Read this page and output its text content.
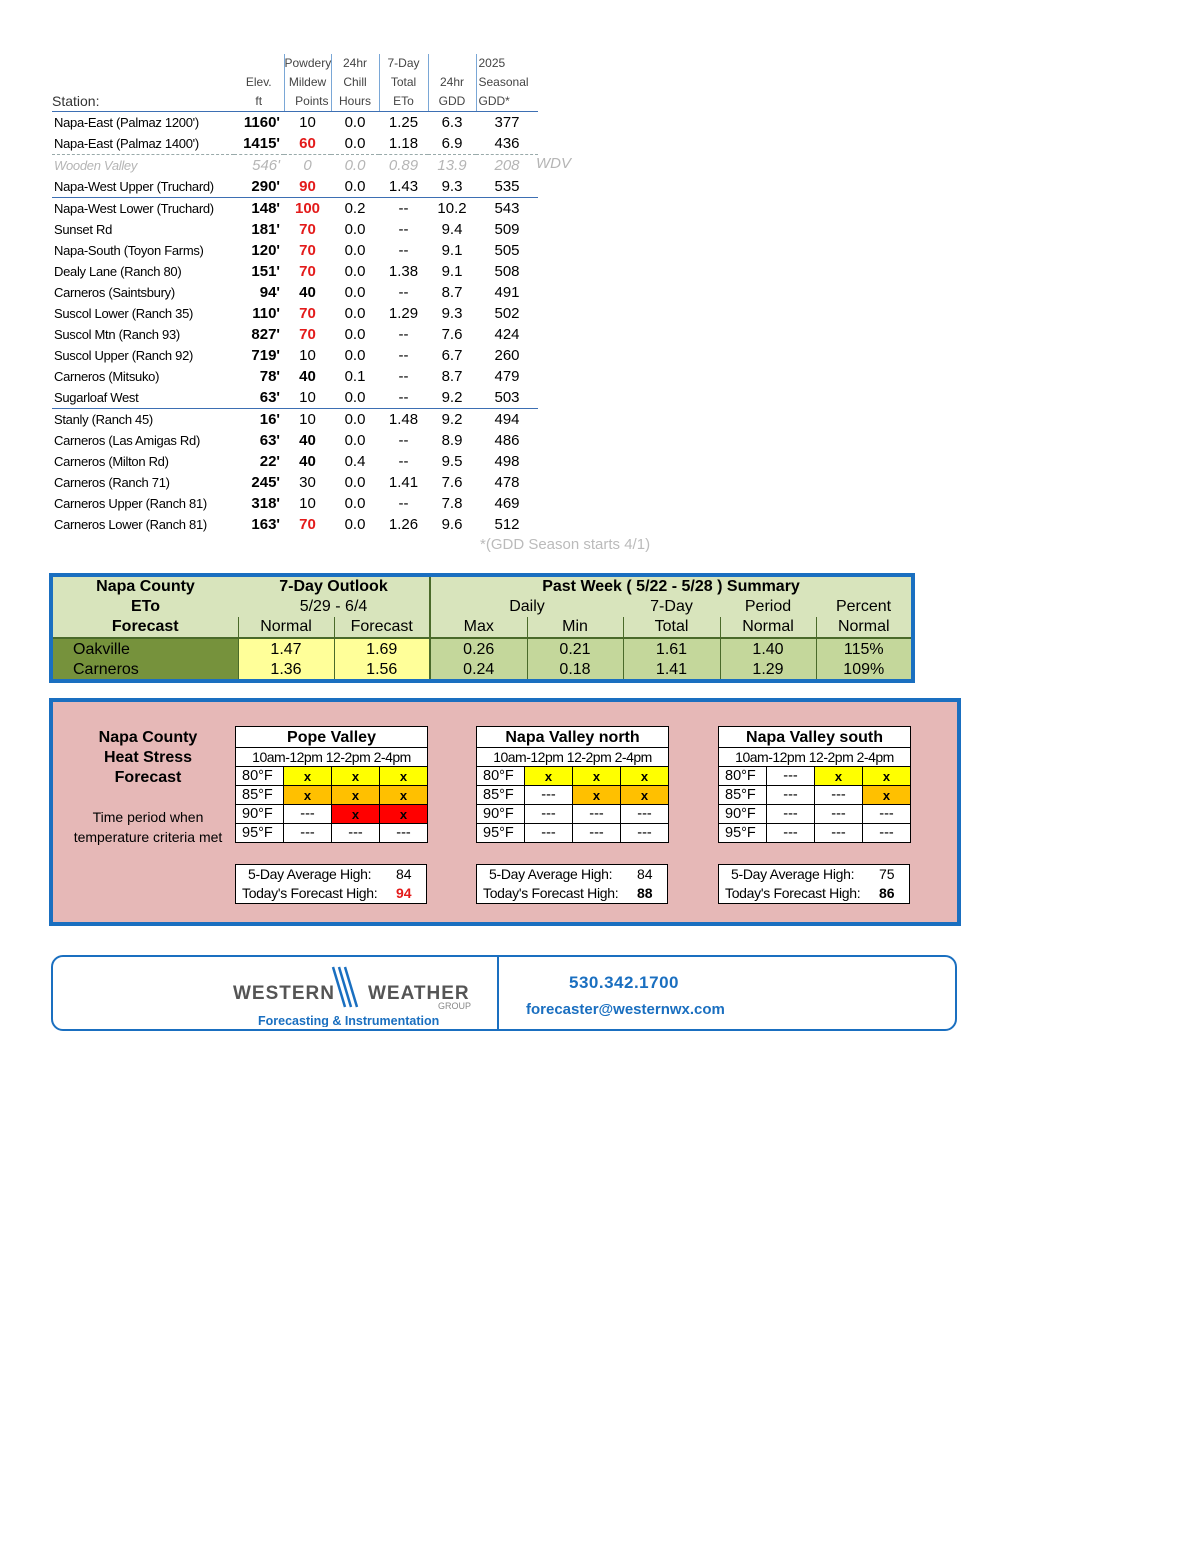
		Powdery	24hr	7-Day		2025
	Elev.	Mildew	Chill	Total	24hr	Seasonal
Station:	ft	Points	Hours	ETo	GDD	GDD*
Napa-East (Palmaz 1200')	1160'	10	0.0	1.25	6.3	377
Napa-East (Palmaz 1400')	1415'	60	0.0	1.18	6.9	436
Wooden Valley	546'	0	0.0	0.89	13.9	208		WDV

Napa-West Upper (Truchard)	290'	90	0.0	1.43	9.3	535
Napa-West Lower (Truchard)	148'	100	0.2	--	10.2	543
Sunset Rd	181'	70	0.0	--	9.4	509
Napa-South (Toyon Farms)	120'	70	0.0	--	9.1	505
Dealy Lane (Ranch 80)	151'	70	0.0	1.38	9.1	508
Carneros (Saintsbury)	94'	40	0.0	--	8.7	491
Suscol Lower (Ranch 35)	110'	70	0.0	1.29	9.3	502
Suscol Mtn (Ranch 93)	827'	70	0.0	--	7.6	424
Suscol Upper (Ranch 92)	719'	10	0.0	--	6.7	260
Carneros (Mitsuko)	78'	40	0.1	--	8.7	479
Sugarloaf West	63'	10	0.0	--	9.2	503
Stanly (Ranch 45)	16'	10	0.0	1.48	9.2	494
Carneros (Las Amigas Rd)	63'	40	0.0	--	8.9	486
Carneros (Milton Rd)	22'	40	0.4	--	9.5	498
Carneros (Ranch 71)	245'	30	0.0	1.41	7.6	478
Carneros Upper (Ranch 81)	318'	10	0.0	--	7.8	469
Carneros Lower (Ranch 81)	163'	70	0.0	1.26	9.6	512
*(GDD Season starts 4/1)
Napa County	7-Day Outlook		Past Week ( 5/22 - 5/28 ) Summary				
ETo	5/29 - 6/4		Daily		7-Day	Period	Percent
Forecast	Normal	Forecast	Max	Min	Total	Normal	Normal
Oakville	1.47	1.69	0.26	0.21	1.61	1.40	115%
Carneros	1.36	1.56	0.24	0.18	1.41	1.29	109%
Napa County
Heat Stress
Forecast
Time period when
temperature criteria met
Pope Valley			
10am-12pm 12-2pm 2-4pm			
80°F	x	x	x
85°F	x	x	x
90°F	---	x	x
95°F	---	---	---
5-Day Average High: 84
Today's Forecast High: 94
Napa Valley north			
10am-12pm 12-2pm 2-4pm			
80°F	x	x	x
85°F	---	x	x
90°F	---	---	---
95°F	---	---	---
5-Day Average High: 84
Today's Forecast High: 88
Napa Valley south			
10am-12pm 12-2pm 2-4pm			
80°F	---	x	x
85°F	---	---	x
90°F	---	---	---
95°F	---	---	---
5-Day Average High: 75
Today's Forecast High: 86
WESTERN WEATHER
GROUP
Forecasting & Instrumentation
530.342.1700
forecaster@westernwx.com
